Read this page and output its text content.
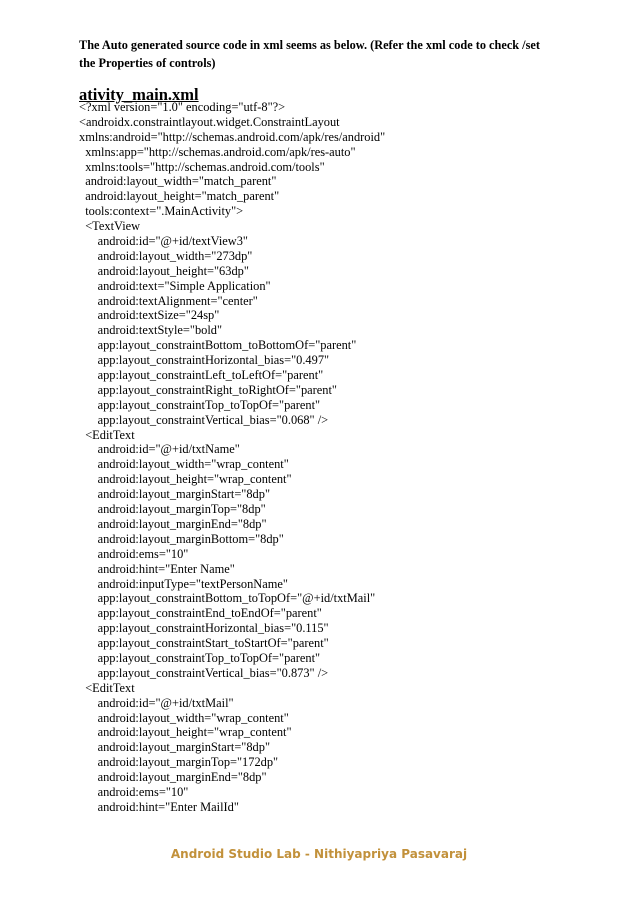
The Auto generated source code in xml seems as below. (Refer the xml code to check /set the Properties of controls)
ativity_main.xml
<?xml version="1.0" encoding="utf-8"?>
<androidx.constraintlayout.widget.ConstraintLayout
xmlns:android="http://schemas.android.com/apk/res/android"
xmlns:app="http://schemas.android.com/apk/res-auto"
xmlns:tools="http://schemas.android.com/tools"
android:layout_width="match_parent"
android:layout_height="match_parent"
tools:context=".MainActivity">
<TextView
android:id="@+id/textView3"
android:layout_width="273dp"
android:layout_height="63dp"
android:text="Simple Application"
android:textAlignment="center"
android:textSize="24sp"
android:textStyle="bold"
app:layout_constraintBottom_toBottomOf="parent"
app:layout_constraintHorizontal_bias="0.497"
app:layout_constraintLeft_toLeftOf="parent"
app:layout_constraintRight_toRightOf="parent"
app:layout_constraintTop_toTopOf="parent"
app:layout_constraintVertical_bias="0.068" />
<EditText
android:id="@+id/txtName"
android:layout_width="wrap_content"
android:layout_height="wrap_content"
android:layout_marginStart="8dp"
android:layout_marginTop="8dp"
android:layout_marginEnd="8dp"
android:layout_marginBottom="8dp"
android:ems="10"
android:hint="Enter Name"
android:inputType="textPersonName"
app:layout_constraintBottom_toTopOf="@+id/txtMail"
app:layout_constraintEnd_toEndOf="parent"
app:layout_constraintHorizontal_bias="0.115"
app:layout_constraintStart_toStartOf="parent"
app:layout_constraintTop_toTopOf="parent"
app:layout_constraintVertical_bias="0.873" />
<EditText
android:id="@+id/txtMail"
android:layout_width="wrap_content"
android:layout_height="wrap_content"
android:layout_marginStart="8dp"
android:layout_marginTop="172dp"
android:layout_marginEnd="8dp"
android:ems="10"
android:hint="Enter MailId"
Android Studio Lab - Nithiyapriya Pasavaraj
